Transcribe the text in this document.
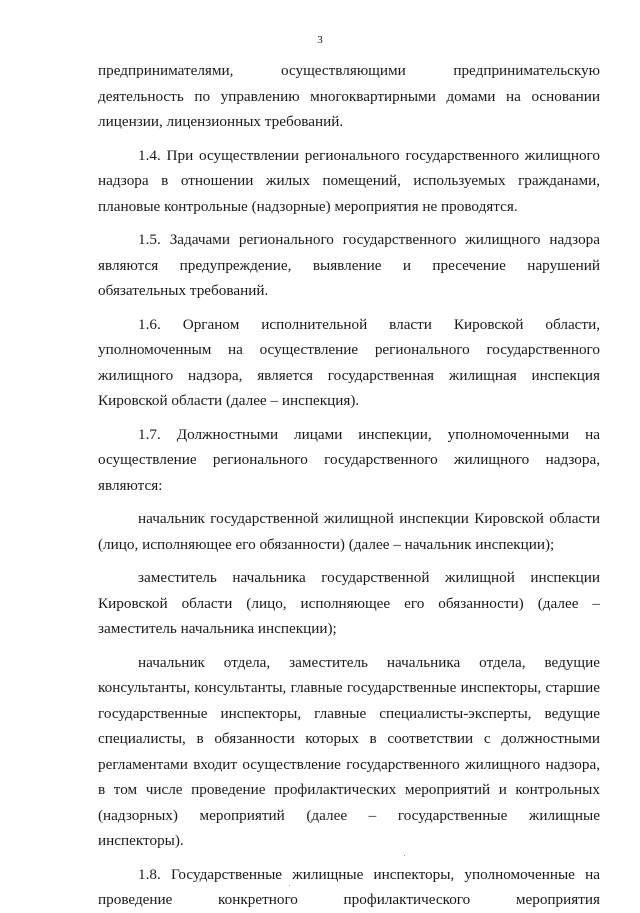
3

предпринимателями, осуществляющими предпринимательскую деятельность по управлению многоквартирными домами на основании лицензии, лицензионных требований.

1.4. При осуществлении регионального государственного жилищного надзора в отношении жилых помещений, используемых гражданами, плановые контрольные (надзорные) мероприятия не проводятся.

1.5. Задачами регионального государственного жилищного надзора являются предупреждение, выявление и пресечение нарушений обязательных требований.

1.6. Органом исполнительной власти Кировской области, уполномоченным на осуществление регионального государственного жилищного надзора, является государственная жилищная инспекция Кировской области (далее – инспекция).

1.7. Должностными лицами инспекции, уполномоченными на осуществление регионального государственного жилищного надзора, являются:

начальник государственной жилищной инспекции Кировской области (лицо, исполняющее его обязанности) (далее – начальник инспекции);

заместитель начальника государственной жилищной инспекции Кировской области (лицо, исполняющее его обязанности) (далее – заместитель начальника инспекции);

начальник отдела, заместитель начальника отдела, ведущие консультанты, консультанты, главные государственные инспекторы, старшие государственные инспекторы, главные специалисты-эксперты, ведущие специалисты, в обязанности которых в соответствии с должностными регламентами входит осуществление государственного жилищного надзора, в том числе проведение профилактических мероприятий и контрольных (надзорных) мероприятий (далее – государственные жилищные инспекторы).

1.8. Государственные жилищные инспекторы, уполномоченные на проведение конкретного профилактического мероприятия
